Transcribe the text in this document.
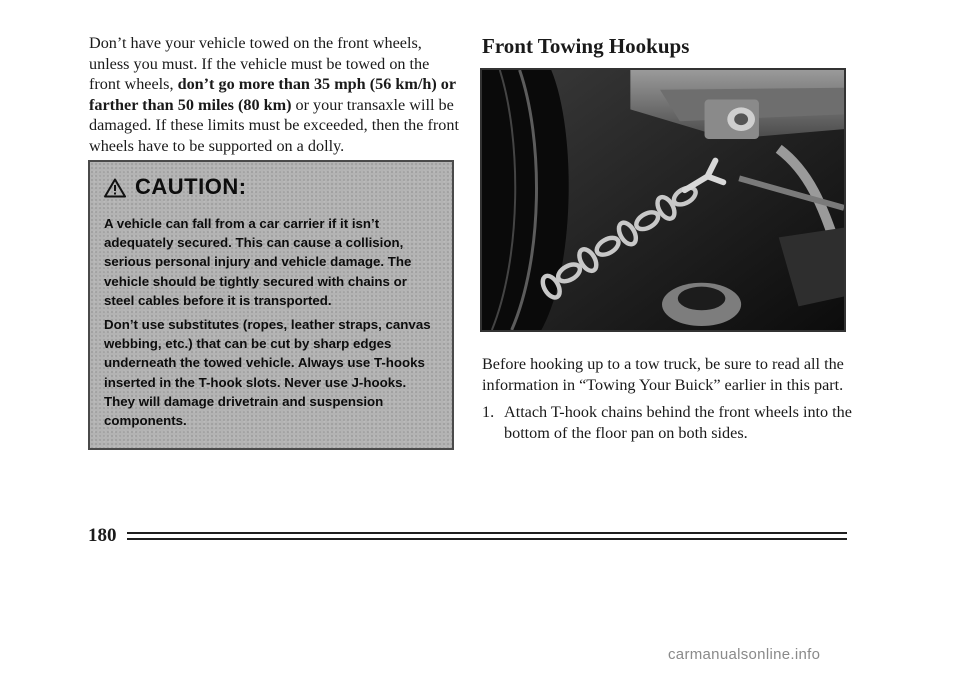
Don’t have your vehicle towed on the front wheels, unless you must. If the vehicle must be towed on the front wheels, don’t go more than 35 mph (56 km/h) or farther than 50 miles (80 km) or your transaxle will be damaged. If these limits must be exceeded, then the front wheels have to be supported on a dolly.

CAUTION:

A vehicle can fall from a car carrier if it isn’t adequately secured. This can cause a collision, serious personal injury and vehicle damage. The vehicle should be tightly secured with chains or steel cables before it is transported.

Don’t use substitutes (ropes, leather straps, canvas webbing, etc.) that can be cut by sharp edges underneath the towed vehicle. Always use T-hooks inserted in the T-hook slots. Never use J-hooks. They will damage drivetrain and suspension components.

Front Towing Hookups

Before hooking up to a tow truck, be sure to read all the information in “Towing Your Buick” earlier in this part.

1. Attach T-hook chains behind the front wheels into the bottom of the floor pan on both sides.

180

carmanualsonline.info
